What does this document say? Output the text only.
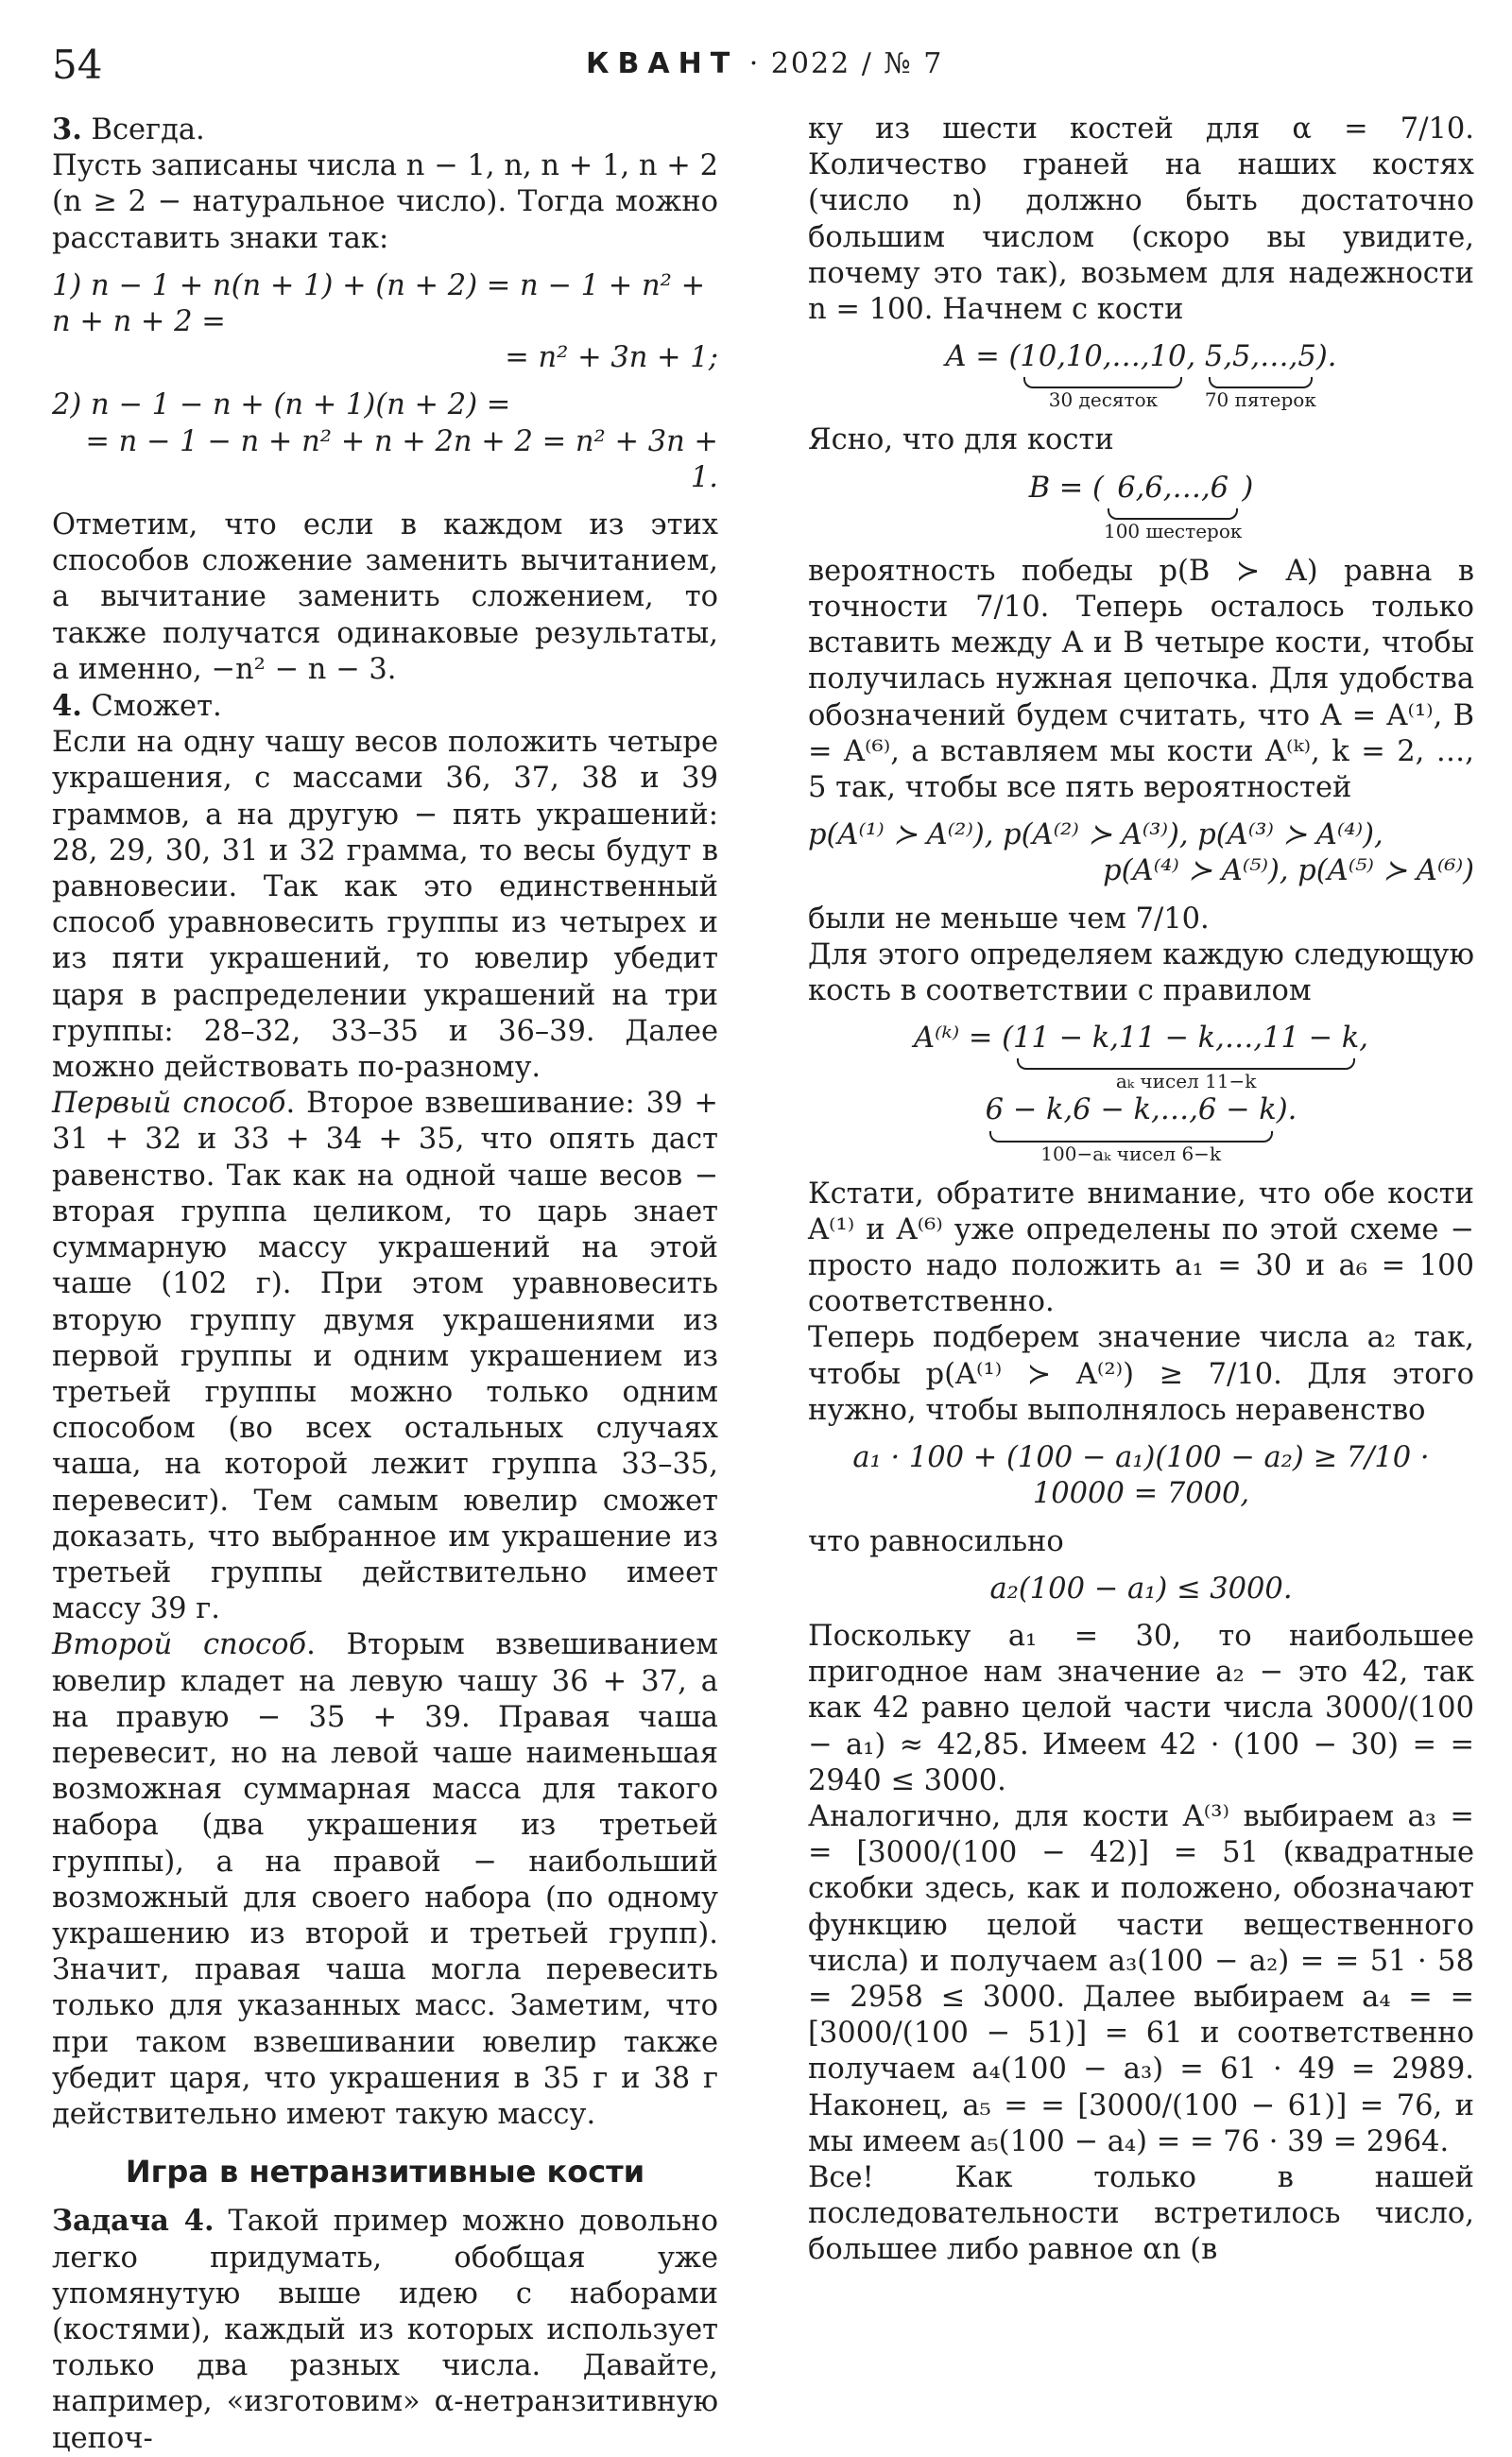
54	КВАНТ · 2022 / № 7

3. Всегда.

Пусть записаны числа n − 1, n, n + 1, n + 2 (n ≥ 2 − натуральное число). Тогда можно расставить знаки так:

1) n − 1 + n(n + 1) + (n + 2) = n − 1 + n² + n + n + 2 =
= n² + 3n + 1;
2) n − 1 − n + (n + 1)(n + 2) =
= n − 1 − n + n² + n + 2n + 2 = n² + 3n + 1.

Отметим, что если в каждом из этих способов сложение заменить вычитанием, а вычитание заменить сложением, то также получатся одинаковые результаты, а именно, −n² − n − 3.

4. Сможет.

Если на одну чашу весов положить четыре украшения, с массами 36, 37, 38 и 39 граммов, а на другую − пять украшений: 28, 29, 30, 31 и 32 грамма, то весы будут в равновесии. Так как это единственный способ уравновесить группы из четырех и из пяти украшений, то ювелир убедит царя в распределении украшений на три группы: 28–32, 33–35 и 36–39. Далее можно действовать по-разному.

Первый способ. Второе взвешивание: 39 + 31 + 32 и 33 + 34 + 35, что опять даст равенство. Так как на одной чаше весов − вторая группа целиком, то царь знает суммарную массу украшений на этой чаше (102 г). При этом уравновесить вторую группу двумя украшениями из первой группы и одним украшением из третьей группы можно только одним способом (во всех остальных случаях чаша, на которой лежит группа 33–35, перевесит). Тем самым ювелир сможет доказать, что выбранное им украшение из третьей группы действительно имеет массу 39 г.

Второй способ. Вторым взвешиванием ювелир кладет на левую чашу 36 + 37, а на правую − 35 + 39. Правая чаша перевесит, но на левой чаше наименьшая возможная суммарная масса для такого набора (два украшения из третьей группы), а на правой − наибольший возможный для своего набора (по одному украшению из второй и третьей групп). Значит, правая чаша могла перевесить только для указанных масс. Заметим, что при таком взвешивании ювелир также убедит царя, что украшения в 35 г и 38 г действительно имеют такую массу.

Игра в нетранзитивные кости

Задача 4. Такой пример можно довольно легко придумать, обобщая уже упомянутую выше идею с наборами (костями), каждый из которых использует только два разных числа. Давайте, например, «изготовим» α-нетранзитивную цепоч-

ку из шести костей для α = 7/10. Количество граней на наших костях (число n) должно быть достаточно большим числом (скоро вы увидите, почему это так), возьмем для надежности n = 100. Начнем с кости

A = ( 10,10,…,10
30 десяток
, 5,5,…,5
70 пятерок
).

Ясно, что для кости

B = ( 6,6,…,6
100 шестерок
)

вероятность победы p(B ≻ A) равна в точности 7/10. Теперь осталось только вставить между A и B четыре кости, чтобы получилась нужная цепочка. Для удобства обозначений будем считать, что A = A⁽¹⁾, B = A⁽⁶⁾, а вставляем мы кости A⁽ᵏ⁾, k = 2, …, 5 так, чтобы все пять вероятностей

p(A⁽¹⁾ ≻ A⁽²⁾), p(A⁽²⁾ ≻ A⁽³⁾), p(A⁽³⁾ ≻ A⁽⁴⁾),
p(A⁽⁴⁾ ≻ A⁽⁵⁾), p(A⁽⁵⁾ ≻ A⁽⁶⁾)

были не меньше чем 7/10.

Для этого определяем каждую следующую кость в соответствии с правилом

A⁽ᵏ⁾ = ( 11 − k,11 − k,…,11 − k
aₖ чисел 11−k
,
6 − k,6 − k,…,6 − k
100−aₖ чисел 6−k
).

Кстати, обратите внимание, что обе кости A⁽¹⁾ и A⁽⁶⁾ уже определены по этой схеме − просто надо положить a₁ = 30 и a₆ = 100 соответственно.

Теперь подберем значение числа a₂ так, чтобы p(A⁽¹⁾ ≻ A⁽²⁾) ≥ 7/10. Для этого нужно, чтобы выполнялось неравенство

a₁ · 100 + (100 − a₁)(100 − a₂) ≥ 7/10 · 10000 = 7000,

что равносильно

a₂(100 − a₁) ≤ 3000.

Поскольку a₁ = 30, то наибольшее пригодное нам значение a₂ − это 42, так как 42 равно целой части числа 3000/(100 − a₁) ≈ 42,85. Имеем 42 · (100 − 30) = = 2940 ≤ 3000.

Аналогично, для кости A⁽³⁾ выбираем a₃ = = [3000/(100 − 42)] = 51 (квадратные скобки здесь, как и положено, обозначают функцию целой части вещественного числа) и получаем a₃(100 − a₂) = = 51 · 58 = 2958 ≤ 3000. Далее выбираем a₄ = = [3000/(100 − 51)] = 61 и соответственно получаем a₄(100 − a₃) = 61 · 49 = 2989. Наконец, a₅ = = [3000/(100 − 61)] = 76, и мы имеем a₅(100 − a₄) = = 76 · 39 = 2964.

Все! Как только в нашей последовательности встретилось число, большее либо равное αn (в
